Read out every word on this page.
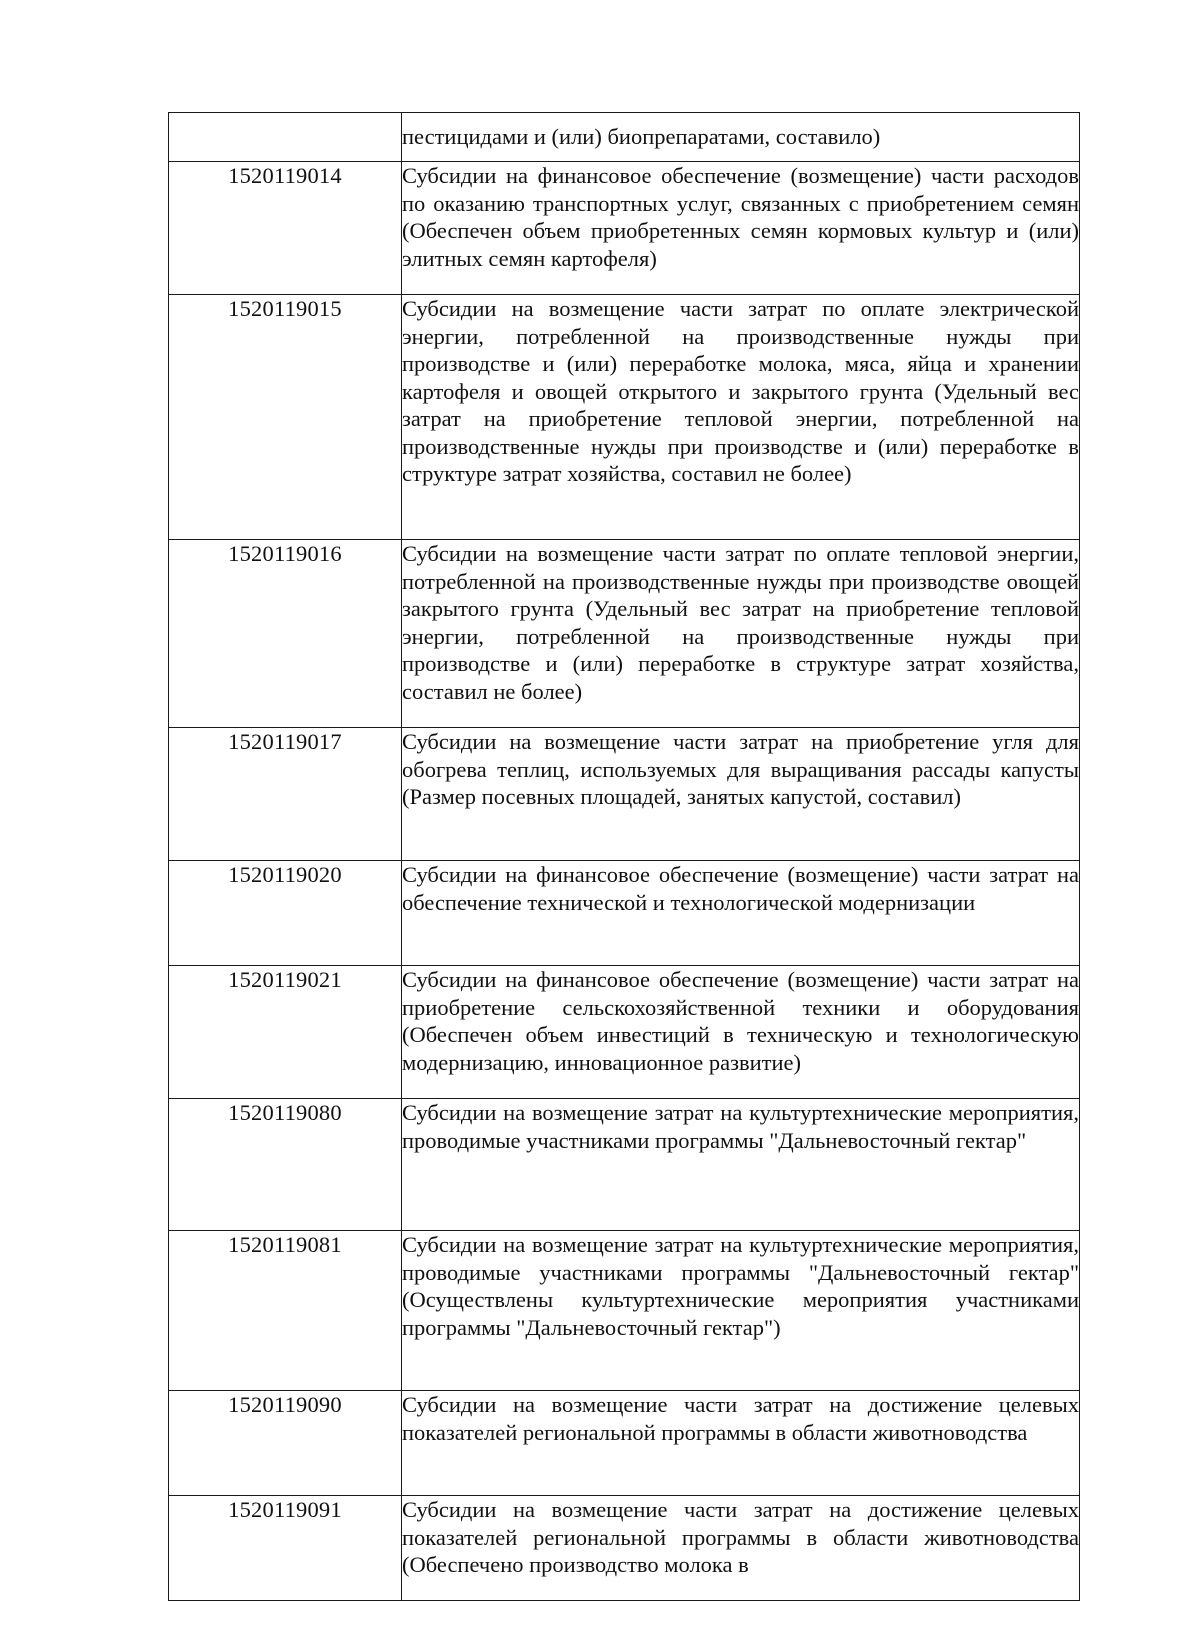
	пестицидами и (или) биопрепаратами, составило)
1520119014	Субсидии на финансовое обеспечение (возмещение) части расходов по оказанию транспортных услуг, связанных с приобретением семян (Обеспечен объем приобретенных семян кормовых культур и (или) элитных семян картофеля)
1520119015	Субсидии на возмещение части затрат по оплате электрической энергии, потребленной на производственные нужды при производстве и (или) переработке молока, мяса, яйца и хранении картофеля и овощей открытого и закрытого грунта (Удельный вес затрат на приобретение тепловой энергии, потребленной на производственные нужды при производстве и (или) переработке в структуре затрат хозяйства, составил не более)
1520119016	Субсидии на возмещение части затрат по оплате тепловой энергии, потребленной на производственные нужды при производстве овощей закрытого грунта (Удельный вес затрат на приобретение тепловой энергии, потребленной на производственные нужды при производстве и (или) переработке в структуре затрат хозяйства, составил не более)
1520119017	Субсидии на возмещение части затрат на приобретение угля для обогрева теплиц, используемых для выращивания рассады капусты (Размер посевных площадей, занятых капустой, составил)
1520119020	Субсидии на финансовое обеспечение (возмещение) части затрат на обеспечение технической и технологической модернизации
1520119021	Субсидии на финансовое обеспечение (возмещение) части затрат на приобретение сельскохозяйственной техники и оборудования (Обеспечен объем инвестиций в техническую и технологическую модернизацию, инновационное развитие)
1520119080	Субсидии на возмещение затрат на культуртехнические мероприятия, проводимые участниками программы "Дальневосточный гектар"
1520119081	Субсидии на возмещение затрат на культуртехнические мероприятия, проводимые участниками программы "Дальневосточный гектар" (Осуществлены культуртехнические мероприятия участниками программы "Дальневосточный гектар")
1520119090	Субсидии на возмещение части затрат на достижение целевых показателей региональной программы в области животноводства
1520119091	Субсидии на возмещение части затрат на достижение целевых показателей региональной программы в области животноводства (Обеспечено производство молока в
